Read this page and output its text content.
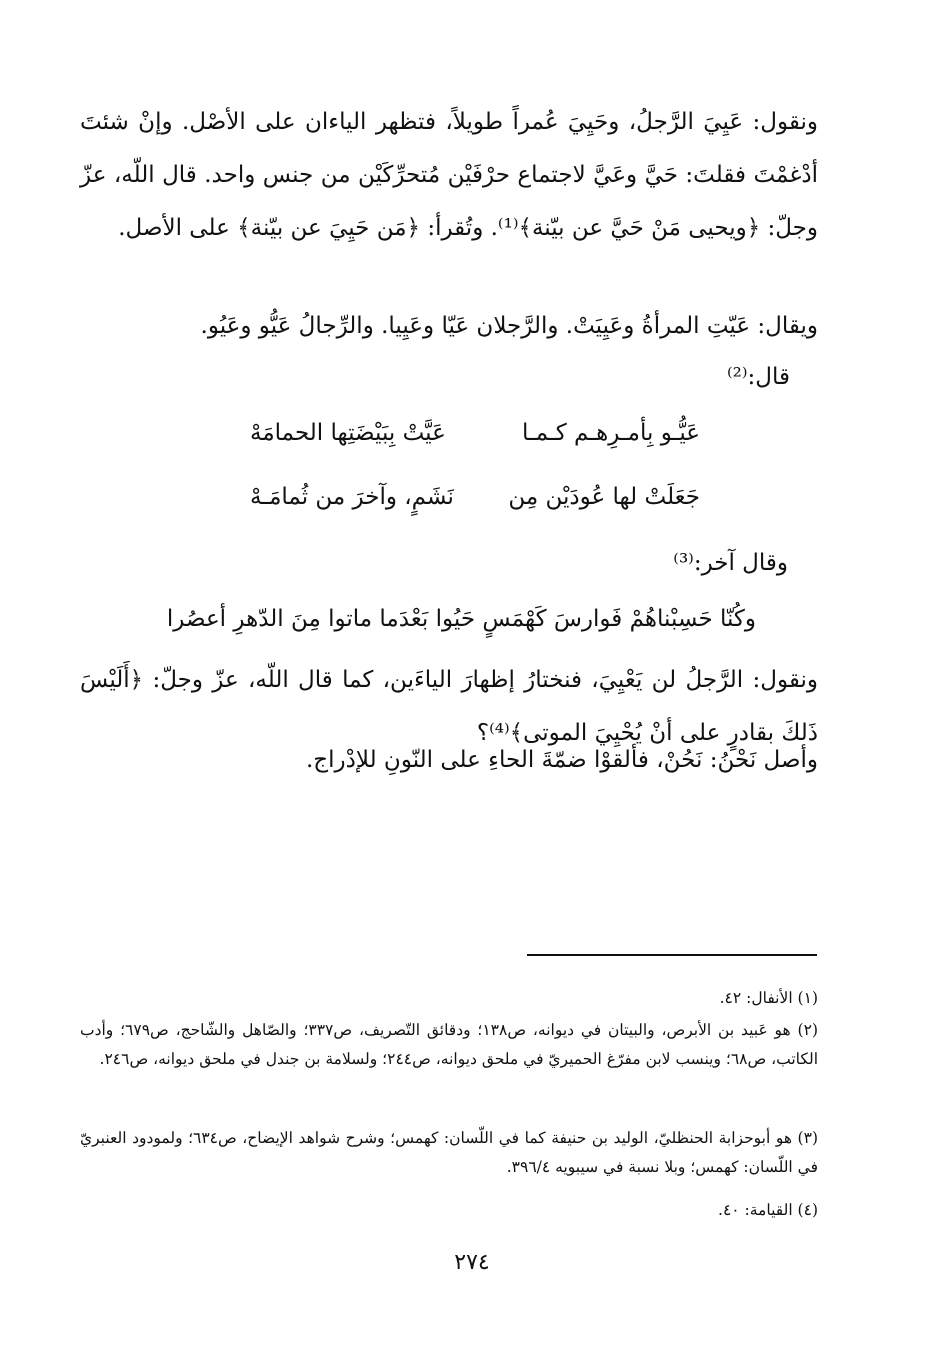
ونقول: عَيِيَ الرَّجلُ، وحَيِيَ عُمراً طويلاً، فتظهر الياءان على الأصْل. وإنْ شئتَ أدْغمْتَ فقلتَ: حَيَّ وعَيَّ لاجتماع حرْفَيْن مُتحرِّكَيْن من جنس واحد. قال اللّه، عزّ وجلّ: ﴿ويحيى مَنْ حَيَّ عن بيّنة﴾⁽¹⁾. وتُقرأ: ﴿مَن حَيِيَ عن بيّنة﴾ على الأصل.
ويقال: عَيّتِ المرأةُ وعَيِيَتْ. والرَّجلان عَيّا وعَيِيا. والرِّجالُ عَيُّو وعَيُو.
قال:⁽²⁾
عَيُّـو بِأمـرِهـم كـمـا
عَيَّتْ بِبَيْضَتِها الحمامَهْ
جَعَلَتْ لها عُودَيْن مِن
نَشَمٍ، وآخرَ من ثُمامَـهْ
وقال آخر:⁽³⁾
وكُنّا حَسِبْناهُمْ فَوارسَ كَهْمَسٍ حَيُوا بَعْدَما ماتوا مِنَ الدّهرِ أعصُرا
ونقول: الرَّجلُ لن يَعْيِيَ، فنختارُ إظهارَ الياءَين، كما قال اللّه، عزّ وجلّ: ﴿أَلَيْسَ ذَلكَ بقادرٍ على أنْ يُحْيِيَ الموتى﴾⁽⁴⁾؟
وأصل نَحْنُ: نَحُنْ، فألقوْا ضمّةَ الحاءِ على النّونِ للإدْراج.
(١) الأنفال: ٤٢.
(٢) هو عَبيد بن الأبرص، والبيتان في ديوانه، ص١٣٨؛ ودقائق التّصريف، ص٣٣٧؛ والصّاهل والشّاحج، ص٦٧٩؛ وأدب الكاتب، ص٦٨؛ وينسب لابن مفرّغ الحميريّ في ملحق ديوانه، ص٢٤٤؛ ولسلامة بن جندل في ملحق ديوانه، ص٢٤٦.
(٣) هو أبوحزابة الحنظليّ، الوليد بن حنيفة كما في اللّسان: كهمس؛ وشرح شواهد الإيضاح، ص٦٣٤؛ ولمودود العنبريّ في اللّسان: كهمس؛ وبلا نسبة في سيبويه ٣٩٦/٤.
(٤) القيامة: ٤٠.
٢٧٤
